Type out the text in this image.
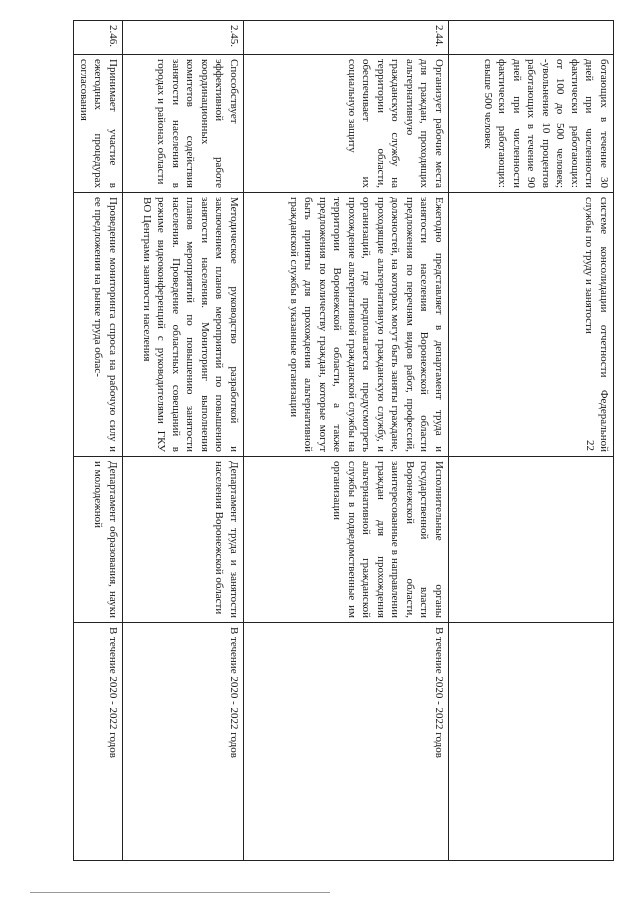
22
	ботающих в течение 30 дней при численности фактически работающих: от 100 до 500 человек; -увольнение 10 процентов работающих в течение 90 дней при численности фактически работающих: свыше 500 человек	системе консолидации отчетности Федеральной службы по труду и занятости		
2.44.	Организует рабочие места для граждан, проходящих альтернативную гражданскую службу на территории области, обеспечивает их социальную защиту	Ежегодно представляет в департамент труда и занятости населения Воронежской области предложения по перечням видов работ, профессий, должностей, на которых могут быть заняты граждане, проходящие альтернативную гражданскую службу, и организаций, где предполагается предусмотреть прохождение альтернативной гражданской службы на территории Воронежской области, а также предложения по количеству граждан, которые могут быть приняты для прохождения альтернативной гражданской службы в указанные организации	Исполнительные органы государственной власти Воронежской области, заинтересованные в направлении граждан для прохождения альтернативной гражданской службы в подведомственные им организации	В течение 2020 - 2022 годов
2.45.	Способствует эффективной работе координационных комитетов содействия занятости населения в городах и районах области	Методическое руководство разработкой и заключением планов мероприятий по повышению занятости населения. Мониторинг выполнения планов мероприятий по повышению занятости населения. Проведение областных совещаний в режиме видеоконференций с руководителями ГКУ ВО Центрами занятости населения	Департамент труда и занятости населения Воронежской области	В течение 2020 - 2022 годов
2.46.	Принимает участие в ежегодных процедурах согласования	Проведение мониторинга спроса на рабочую силу и ее предложения на рынке труда облас-	Департамент образования, науки и молодежной	В течение 2020 - 2022 годов
